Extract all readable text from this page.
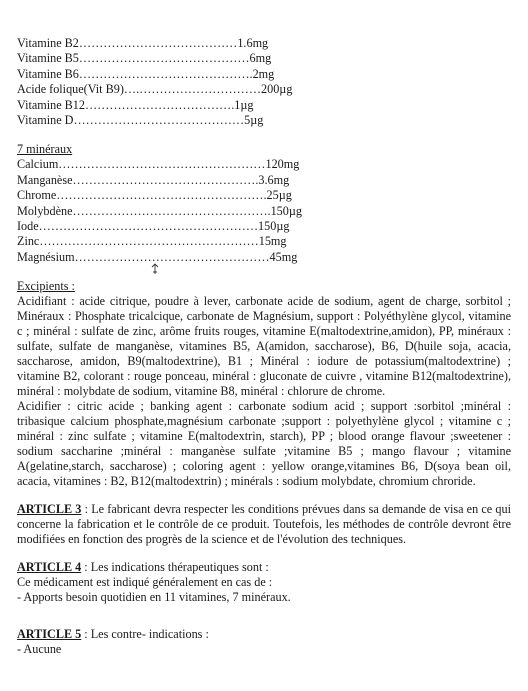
Vitamine B2 ………………………………… 1.6mg
Vitamine B5 …………………………………… 6mg
Vitamine B6 ……………………………………. 2mg
Acide folique(Vit B9) ….………………………… 200µg
Vitamine B12 ………………………………. 1µg
Vitamine D …………………………………… 5µg
7 minéraux
Calcium …………………………………………… 120mg
Manganèse ………………………………………. 3.6mg
Chrome ……………………………………………. 25µg
Molybdène …………………………………………. 150µg
Iode ……………………………………………… 150µg
Zinc ……………………………………………… 15mg
Magnésium ………………………………………… 45mg
Excipients :

Acidifiant : acide citrique, poudre à lever, carbonate acide de sodium, agent de charge, sorbitol ; Minéraux : Phosphate tricalcique, carbonate de Magnésium, support : Polyéthylène glycol, vitamine c ; minéral : sulfate de zinc, arôme fruits rouges, vitamine E(maltodextrine,amidon), PP, minéraux : sulfate, sulfate de manganèse, vitamines B5, A(amidon, saccharose), B6, D(huile soja, acacia, saccharose, amidon, B9(maltodextrine), B1 ; Minéral : iodure de potassium(maltodextrine) ; vitamine B2, colorant : rouge ponceau, minéral : gluconate de cuivre , vitamine B12(maltodextrine), minéral : molybdate de sodium, vitamine B8, minéral : chlorure de chrome.

Acidifier : citric acide ; banking agent : carbonate sodium acid ; support :sorbitol ;minéral : tribasique calcium phosphate,magnésium carbonate ;support : polyethylène glycol ; vitamine c ; minéral : zinc sulfate ; vitamine E(maltodextrin, starch), PP ; blood orange flavour ;sweetener : sodium saccharine ;minéral : manganèse sulfate ;vitamine B5 ; mango flavour ; vitamine A(gelatine,starch, saccharose) ; coloring agent : yellow orange,vitamines B6, D(soya bean oil, acacia, vitamines : B2, B12(maltodextrin) ; minérals : sodium molybdate, chromium chroride.

ARTICLE 3 : Le fabricant devra respecter les conditions prévues dans sa demande de visa en ce qui concerne la fabrication et le contrôle de ce produit. Toutefois, les méthodes de contrôle devront être modifiées en fonction des progrès de la science et de l'évolution des techniques.

ARTICLE 4 : Les indications thérapeutiques sont :
Ce médicament est indiqué généralement en cas de :
- Apports besoin quotidien en 11 vitamines, 7 minéraux.
ARTICLE 5 : Les contre- indications :
- Aucune
